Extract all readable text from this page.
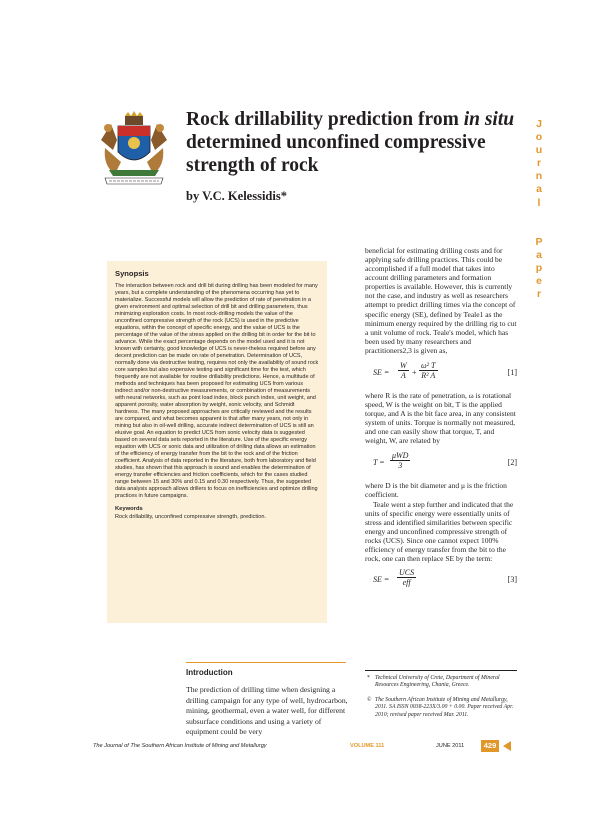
Rock drillability prediction from in situ determined unconfined compressive strength of rock
by V.C. Kelessidis*
J
o
u
r
n
a
l

P
a
p
e
r
Synopsis

The interaction between rock and drill bit during drilling has been modeled for many years, but a complete understanding of the phenomena occurring has yet to materialize. Successful models will allow the prediction of rate of penetration in a given environment and optimal selection of drill bit and drilling parameters, thus minimizing exploration costs. In most rock-drilling models the value of the unconfined compressive strength of the rock (UCS) is used in the predictive equations, within the concept of specific energy, and the value of UCS is the percentage of the value of the stress applied on the drilling bit in order for the bit to advance. While the exact percentage depends on the model used and it is not known with certainty, good knowledge of UCS is never-theless required before any decent prediction can be made on rate of penetration. Determination of UCS, normally done via destructive testing, requires not only the availability of sound rock core samples but also expensive testing and significant time for the test, which frequently are not available for routine drillability predictions. Hence, a multitude of methods and techniques has been proposed for estimating UCS from various indirect and/or non-destructive measurements, or combination of measurements with neural networks, such as point load index, block punch index, unit weight, and apparent porosity, water absorption by weight, sonic velocity, and Schmidt hardness. The many proposed approaches are critically reviewed and the results are compared, and what becomes apparent is that after many years, not only in mining but also in oil-well drilling, accurate indirect determination of UCS is still an elusive goal. An equation to predict UCS from sonic velocity data is suggested based on several data sets reported in the literature. Use of the specific energy equation with UCS or sonic data and utilization of drilling data allows an estimation of the efficiency of energy transfer from the bit to the rock and of the friction coefficient. Analysis of data reported in the literature, both from laboratory and field studies, has shown that this approach is sound and enables the determination of energy transfer efficiencies and friction coefficients, which for the cases studied range between 15 and 30% and 0.15 and 0.30 respectively. Thus, the suggested data analysis approach allows drillers to focus on inefficiencies and optimize drilling practices in future campaigns.

Keywords

Rock drillability, unconfined compressive strength, prediction.

beneficial for estimating drilling costs and for applying safe drilling practices. This could be accomplished if a full model that takes into account drilling parameters and formation properties is available. However, this is currently not the case, and industry as well as researchers attempt to predict drilling times via the concept of specific energy (SE), defined by Teale1 as the minimum energy required by the drilling rig to cut a unit volume of rock. Teale's model, which has been used by many researchers and practitioners2,3 is given as,

SE = $\frac{W}{A} + \frac{\text{ω² T}}{\text{R² A}}$	[1]

where R is the rate of penetration, ω is rotational speed, W is the weight on bit, T is the applied torque, and A is the bit face area, in any consistent system of units. Torque is normally not measured, and one can easily show that torque, T, and weight, W, are related by

T =
μWD
3	[2]

where D is the bit diameter and μ is the friction coefficient.

Teale went a step further and indicated that the units of specific energy were essentially units of stress and identified similarities between specific energy and unconfined compressive strength of rocks (UCS). Since one cannot expect 100% efficiency of energy transfer from the bit to the rock, one can then replace SE by the term:

SE =
UCS
eff	[3]
Introduction

The prediction of drilling time when designing a drilling campaign for any type of well, hydrocarbon, mining, geothermal, even a water well, for different subsurface conditions and using a variety of equipment could be very

* Technical University of Crete, Department of Mineral Resources Engineering, Chania, Greece.
© The Southern African Institute of Mining and Metallurgy, 2011. SA ISSN 0038-223X/3.00 + 0.00. Paper received Apr. 2010; revised paper received Mar. 2011.
The Journal of The Southern African Institute of Mining and Metallurgy	VOLUME 111	JUNE 2011	429
